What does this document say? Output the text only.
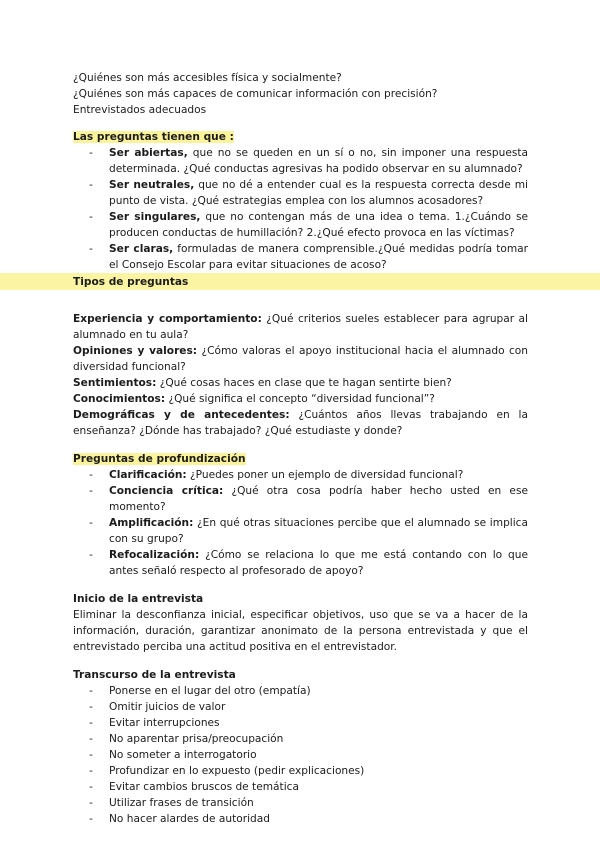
Tipos de preguntas

¿Quiénes son más accesibles física y socialmente?

¿Quiénes son más capaces de comunicar información con precisión?

Entrevistados adecuados

Las preguntas tienen que :

- Ser abiertas, que no se queden en un sí o no, sin imponer una respuesta determinada. ¿Qué conductas agresivas ha podido observar en su alumnado?
- Ser neutrales, que no dé a entender cual es la respuesta correcta desde mi punto de vista. ¿Qué estrategias emplea con los alumnos acosadores?
- Ser singulares, que no contengan más de una idea o tema. 1.¿Cuándo se producen conductas de humillación? 2.¿Qué efecto provoca en las víctimas?
- Ser claras, formuladas de manera comprensible.¿Qué medidas podría tomar el Consejo Escolar para evitar situaciones de acoso?

Experiencia y comportamiento: ¿Qué criterios sueles establecer para agrupar al alumnado en tu aula?

Opiniones y valores: ¿Cómo valoras el apoyo institucional hacia el alumnado con diversidad funcional?

Sentimientos: ¿Qué cosas haces en clase que te hagan sentirte bien?

Conocimientos: ¿Qué significa el concepto “diversidad funcional”?

Demográficas y de antecedentes: ¿Cuántos años llevas trabajando en la enseñanza? ¿Dónde has trabajado? ¿Qué estudiaste y donde?

Preguntas de profundización

- Clarificación: ¿Puedes poner un ejemplo de diversidad funcional?
- Conciencia crítica: ¿Qué otra cosa podría haber hecho usted en ese momento?
- Amplificación: ¿En qué otras situaciones percibe que el alumnado se implica con su grupo?
- Refocalización: ¿Cómo se relaciona lo que me está contando con lo que antes señaló respecto al profesorado de apoyo?

Inicio de la entrevista

Eliminar la desconfianza inicial, especificar objetivos, uso que se va a hacer de la información, duración, garantizar anonimato de la persona entrevistada y que el entrevistado perciba una actitud positiva en el entrevistador.

Transcurso de la entrevista

- Ponerse en el lugar del otro (empatía)
- Omitir juicios de valor
- Evitar interrupciones
- No aparentar prisa/preocupación
- No someter a interrogatorio
- Profundizar en lo expuesto (pedir explicaciones)
- Evitar cambios bruscos de temática
- Utilizar frases de transición
- No hacer alardes de autoridad
